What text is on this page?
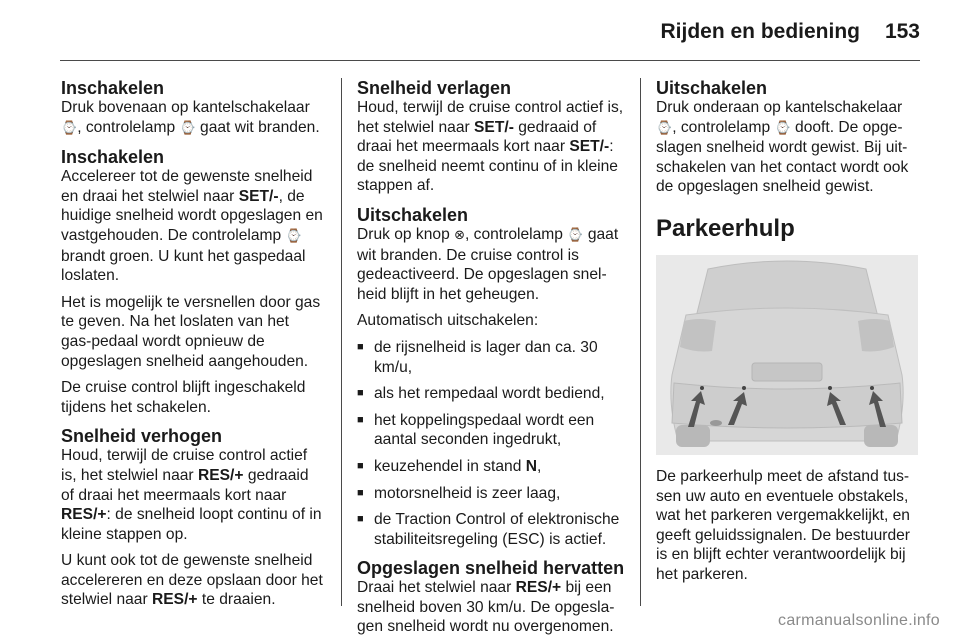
Rijden en bediening	153
Inschakelen

Druk bovenaan op kantelschakelaar ⌚, controlelamp ⌚ gaat wit branden.

Inschakelen

Accelereer tot de gewenste snelheid en draai het stelwiel naar SET/-, de huidige snelheid wordt opgeslagen en vastgehouden. De controlelamp ⌚ brandt groen. U kunt het gaspedaal loslaten.

Het is mogelijk te versnellen door gas te geven. Na het loslaten van het gas-pedaal wordt opnieuw de opgeslagen snelheid aangehouden.

De cruise control blijft ingeschakeld tijdens het schakelen.

Snelheid verhogen

Houd, terwijl de cruise control actief is, het stelwiel naar RES/+ gedraaid of draai het meermaals kort naar RES/+: de snelheid loopt continu of in kleine stappen op.

U kunt ook tot de gewenste snelheid accelereren en deze opslaan door het stelwiel naar RES/+ te draaien.

Snelheid verlagen

Houd, terwijl de cruise control actief is, het stelwiel naar SET/- gedraaid of draai het meermaals kort naar SET/-: de snelheid neemt continu of in kleine stappen af.

Uitschakelen

Druk op knop ⊗, controlelamp ⌚ gaat wit branden. De cruise control is gedeactiveerd. De opgeslagen snel-heid blijft in het geheugen.

Automatisch uitschakelen:

■ de rijsnelheid is lager dan ca. 30 km/u,
■ als het rempedaal wordt bediend,
■ het koppelingspedaal wordt een aantal seconden ingedrukt,
■ keuzehendel in stand N,
■ motorsnelheid is zeer laag,
■ de Traction Control of elektronische stabiliteitsregeling (ESC) is actief.
Opgeslagen snelheid hervatten

Draai het stelwiel naar RES/+ bij een snelheid boven 30 km/u. De opgesla-gen snelheid wordt nu overgenomen.

Uitschakelen

Druk onderaan op kantelschakelaar ⌚, controlelamp ⌚ dooft. De opge-slagen snelheid wordt gewist. Bij uit-schakelen van het contact wordt ook de opgeslagen snelheid gewist.

Parkeerhulp

De parkeerhulp meet de afstand tus-sen uw auto en eventuele obstakels, wat het parkeren vergemakkelijkt, en geeft geluidssignalen. De bestuurder is en blijft echter verantwoordelijk bij het parkeren.

carmanualsonline.info
